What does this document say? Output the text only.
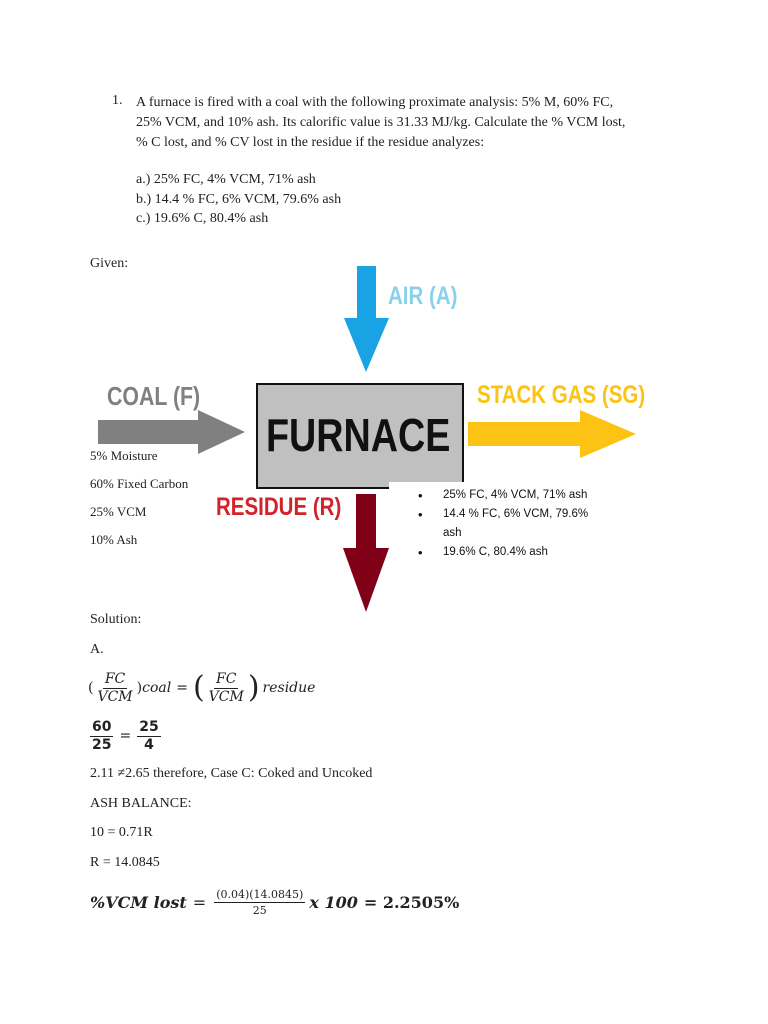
1. A furnace is fired with a coal with the following proximate analysis: 5% M, 60% FC,
25% VCM, and 10% ash. Its calorific value is 31.33 MJ/kg. Calculate the % VCM lost,
% C lost, and % CV lost in the residue if the residue analyzes:
a.) 25% FC, 4% VCM, 71% ash
b.) 14.4 % FC, 6% VCM, 79.6% ash
c.) 19.6% C, 80.4% ash
Given:
FURNACE
AIR (A)
COAL (F)	STACK GAS (SG)
RESIDUE (R)
5% Moisture
60% Fixed Carbon
25% VCM
10% Ash
• 25% FC, 4% VCM, 71% ash
• 14.4 % FC, 6% VCM, 79.6% ash
• 19.6% C, 80.4% ash
Solution:
A.
( $\frac{FC}{\text{VCM}}$ ) coal = ( $\frac{FC}{\text{VCM}}$ ) residue
$\frac{60}{25} = \frac{25}{4}$
2.11 ≠2.65 therefore, Case C: Coked and Uncoked
ASH BALANCE:
10 = 0.71R
R = 14.0845
%VCM lost = $\frac{(0.04)(14.0845)}{25}$ x 100 = 2.2505%
